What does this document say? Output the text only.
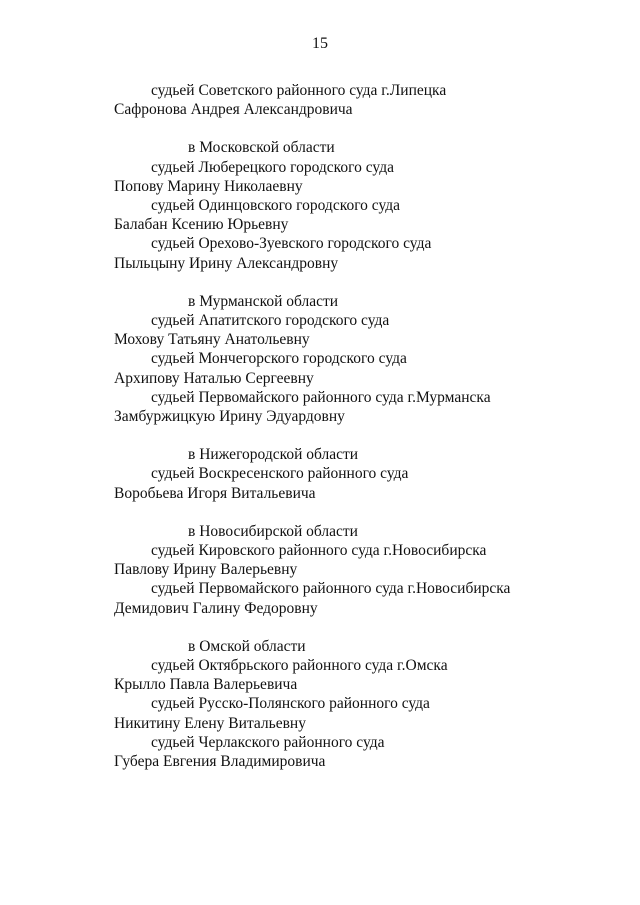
15
судьей Советского районного суда г.Липецка
Сафронова Андрея Александровича
в Московской области
судьей Люберецкого городского суда
Попову Марину Николаевну
судьей Одинцовского городского суда
Балабан Ксению Юрьевну
судьей Орехово-Зуевского городского суда
Пыльцыну Ирину Александровну
в Мурманской области
судьей Апатитского городского суда
Мохову Татьяну Анатольевну
судьей Мончегорского городского суда
Архипову Наталью Сергеевну
судьей Первомайского районного суда г.Мурманска
Замбуржицкую Ирину Эдуардовну
в Нижегородской области
судьей Воскресенского районного суда
Воробьева Игоря Витальевича
в Новосибирской области
судьей Кировского районного суда г.Новосибирска
Павлову Ирину Валерьевну
судьей Первомайского районного суда г.Новосибирска
Демидович Галину Федоровну
в Омской области
судьей Октябрьского районного суда г.Омска
Крылло Павла Валерьевича
судьей Русско-Полянского районного суда
Никитину Елену Витальевну
судьей Черлакского районного суда
Губера Евгения Владимировича
